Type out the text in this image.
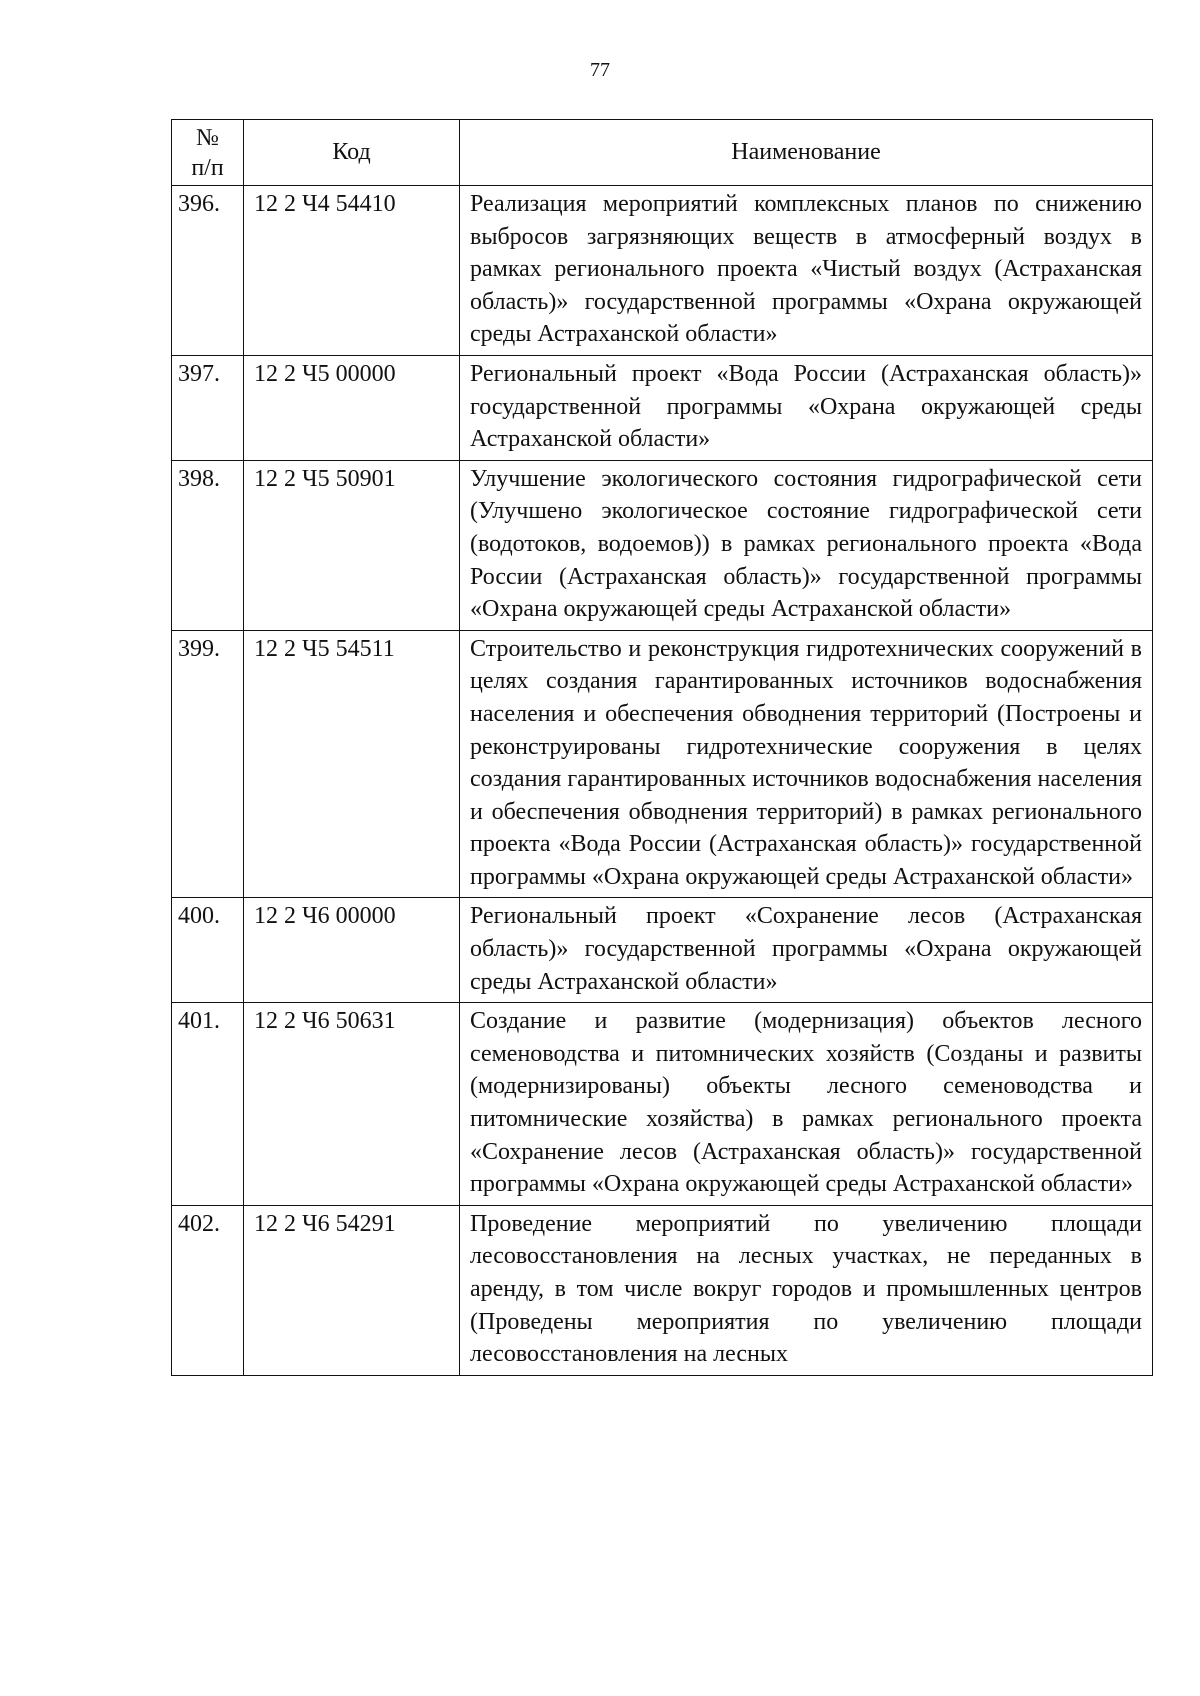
77
№
п/п	Код	Наименование
396.	12 2 Ч4 54410	Реализация мероприятий комплексных планов по снижению выбросов загрязняющих веществ в атмосферный воздух в рамках регионального проекта «Чистый воздух (Астраханская область)» государственной программы «Охрана окружающей среды Астраханской области»
397.	12 2 Ч5 00000	Региональный проект «Вода России (Астраханская область)» государственной программы «Охрана окружающей среды Астраханской области»
398.	12 2 Ч5 50901	Улучшение экологического состояния гидрографической сети (Улучшено экологическое состояние гидрографической сети (водотоков, водоемов)) в рамках регионального проекта «Вода России (Астраханская область)» государственной программы «Охрана окружающей среды Астраханской области»
399.	12 2 Ч5 54511	Строительство и реконструкция гидротехнических сооружений в целях создания гарантированных источников водоснабжения населения и обеспечения обводнения территорий (Построены и реконструированы гидротехнические сооружения в целях создания гарантированных источников водоснабжения населения и обеспечения обводнения территорий) в рамках регионального проекта «Вода России (Астраханская область)» государственной программы «Охрана окружающей среды Астраханской области»
400.	12 2 Ч6 00000	Региональный проект «Сохранение лесов (Астраханская область)» государственной программы «Охрана окружающей среды Астраханской области»
401.	12 2 Ч6 50631	Создание и развитие (модернизация) объектов лесного семеноводства и питомнических хозяйств (Созданы и развиты (модернизированы) объекты лесного семеноводства и питомнические хозяйства) в рамках регионального проекта «Сохранение лесов (Астраханская область)» государственной программы «Охрана окружающей среды Астраханской области»
402.	12 2 Ч6 54291	Проведение мероприятий по увеличению площади лесовосстановления на лесных участках, не переданных в аренду, в том числе вокруг городов и промышленных центров (Проведены мероприятия по увеличению площади лесовосстановления на лесных
